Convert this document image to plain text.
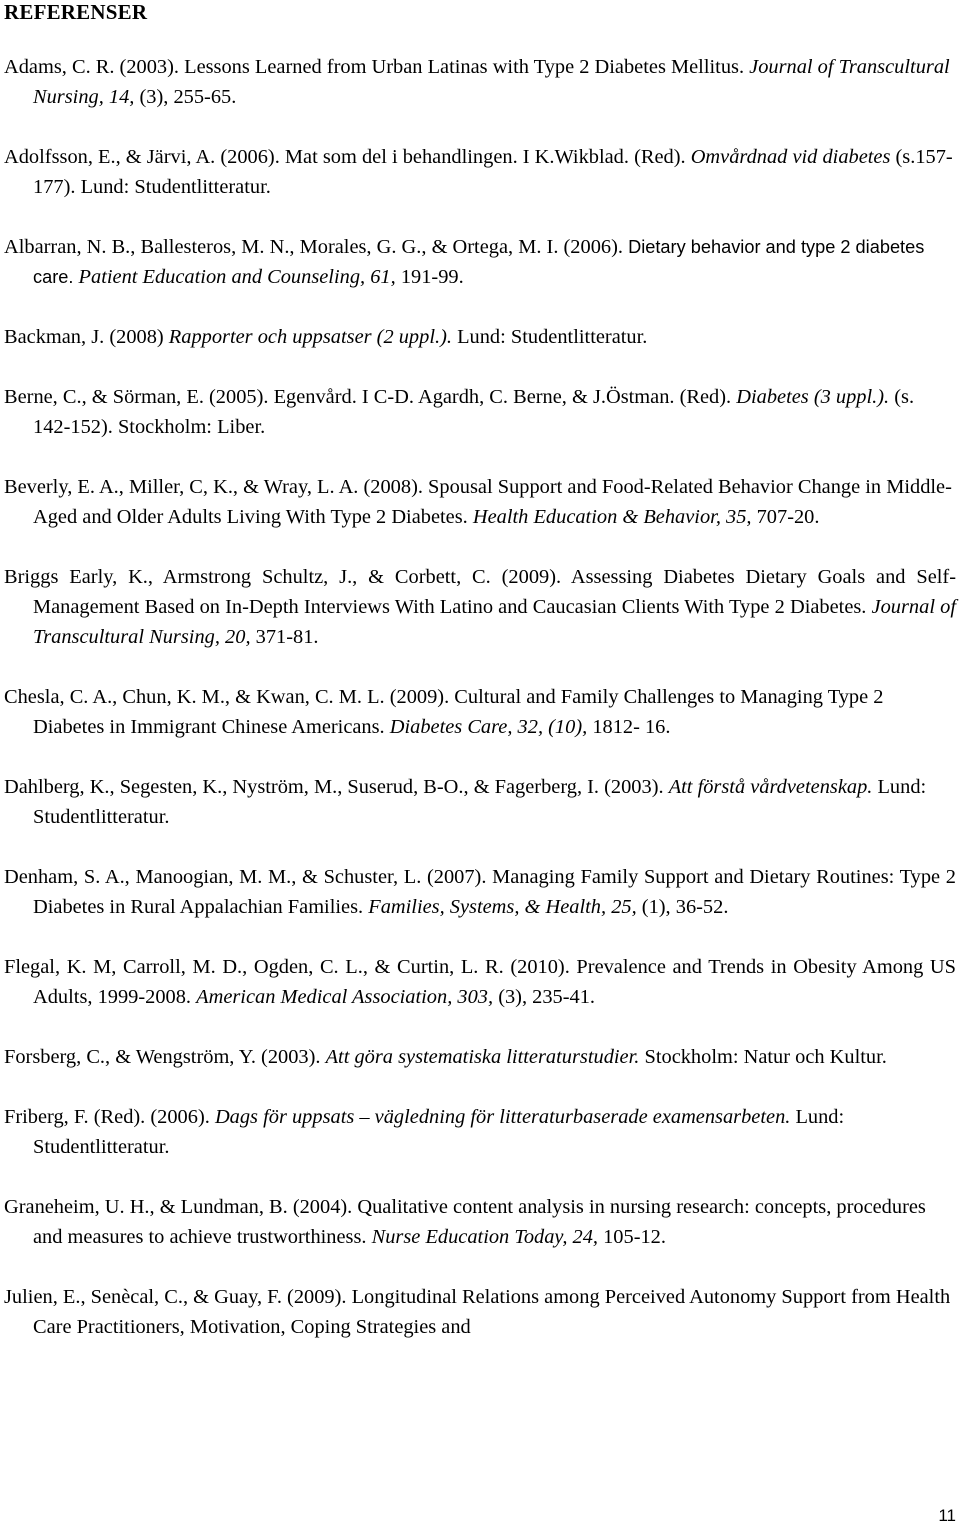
REFERENSER
Adams, C. R. (2003). Lessons Learned from Urban Latinas with Type 2 Diabetes Mellitus. Journal of Transcultural Nursing, 14, (3), 255-65.
Adolfsson, E., & Järvi, A. (2006). Mat som del i behandlingen. I K.Wikblad. (Red). Omvårdnad vid diabetes (s.157-177). Lund: Studentlitteratur.
Albarran, N. B., Ballesteros, M. N., Morales, G. G., & Ortega, M. I. (2006). Dietary behavior and type 2 diabetes care. Patient Education and Counseling, 61, 191-99.
Backman, J. (2008) Rapporter och uppsatser (2 uppl.). Lund: Studentlitteratur.
Berne, C., & Sörman, E. (2005). Egenvård. I C-D. Agardh, C. Berne, & J.Östman. (Red). Diabetes (3 uppl.). (s. 142-152). Stockholm: Liber.
Beverly, E. A., Miller, C, K., & Wray, L. A. (2008). Spousal Support and Food-Related Behavior Change in Middle-Aged and Older Adults Living With Type 2 Diabetes. Health Education & Behavior, 35, 707-20.
Briggs Early, K., Armstrong Schultz, J., & Corbett, C. (2009). Assessing Diabetes Dietary Goals and Self-Management Based on In-Depth Interviews With Latino and Caucasian Clients With Type 2 Diabetes. Journal of Transcultural Nursing, 20, 371-81.
Chesla, C. A., Chun, K. M., & Kwan, C. M. L. (2009). Cultural and Family Challenges to Managing Type 2 Diabetes in Immigrant Chinese Americans. Diabetes Care, 32, (10), 1812- 16.
Dahlberg, K., Segesten, K., Nyström, M., Suserud, B-O., & Fagerberg, I. (2003). Att förstå vårdvetenskap. Lund: Studentlitteratur.
Denham, S. A., Manoogian, M. M., & Schuster, L. (2007). Managing Family Support and Dietary Routines: Type 2 Diabetes in Rural Appalachian Families. Families, Systems, & Health, 25, (1), 36-52.
Flegal, K. M, Carroll, M. D., Ogden, C. L., & Curtin, L. R. (2010). Prevalence and Trends in Obesity Among US Adults, 1999-2008. American Medical Association, 303, (3), 235-41.
Forsberg, C., & Wengström, Y. (2003). Att göra systematiska litteraturstudier. Stockholm: Natur och Kultur.
Friberg, F. (Red). (2006). Dags för uppsats – vägledning för litteraturbaserade examensarbeten. Lund: Studentlitteratur.
Graneheim, U. H., & Lundman, B. (2004). Qualitative content analysis in nursing research: concepts, procedures and measures to achieve trustworthiness. Nurse Education Today, 24, 105-12.
Julien, E., Senècal, C., & Guay, F. (2009). Longitudinal Relations among Perceived Autonomy Support from Health Care Practitioners, Motivation, Coping Strategies and
11
